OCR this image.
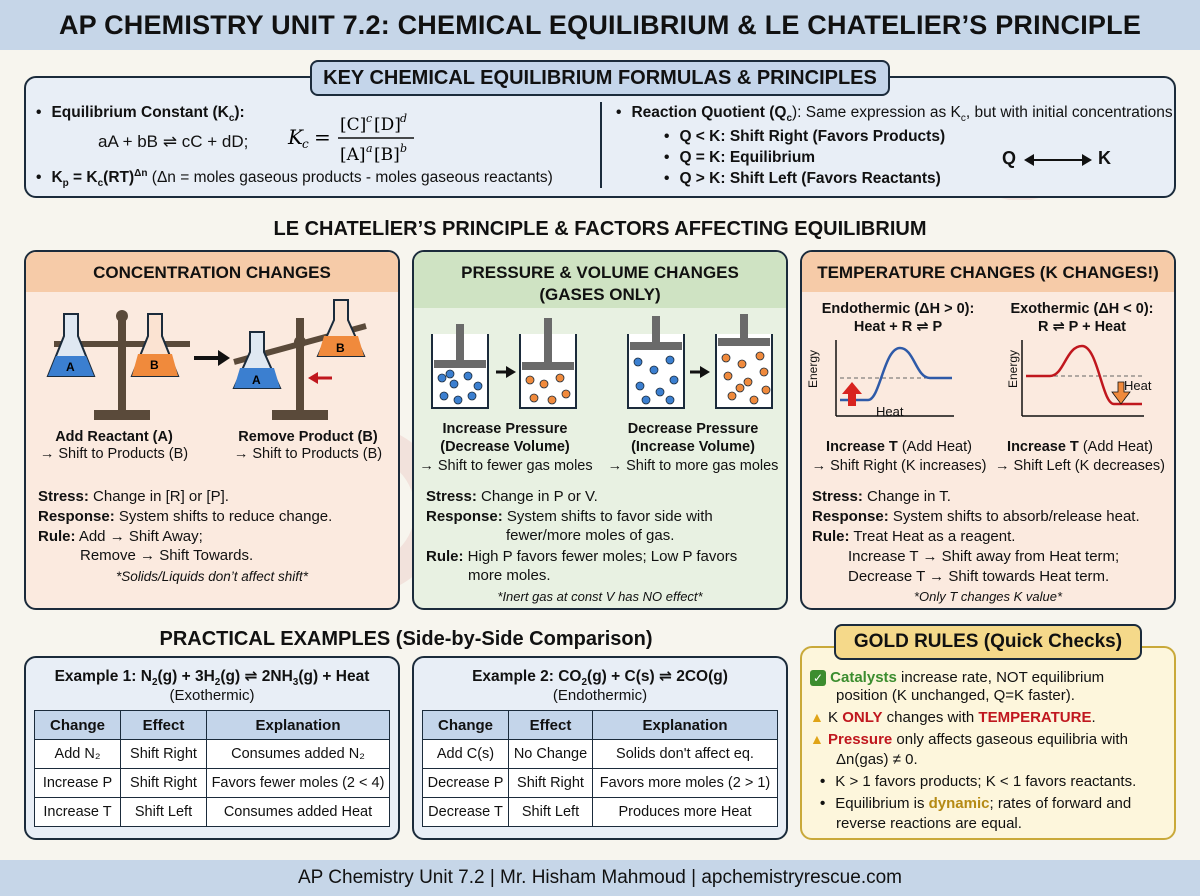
AP CHEMISTRY UNIT 7.2: CHEMICAL EQUILIBRIUM & LE CHATELIER’S PRINCIPLE
KEY CHEMICAL EQUILIBRIUM FORMULAS & PRINCIPLES
• Equilibrium Constant $(K_c)$:
aA + bB ⇌ cC + dD; K c = [C] c [D] d
[A] a [B] b
• $K_p = K_c(RT)^{\Delta n}$ (Δn = moles gaseous products - moles gaseous reactants)
• Reaction Quotient $(Q_c)$: Same expression as $K_c$, but with initial concentrations
• Q < K: Shift Right (Favors Products)
• Q = K: Equilibrium
• Q > K: Shift Left (Favors Reactants)
Q	K
LE CHATELlER’S PRINCIPLE & FACTORS AFFECTING EQUILIBRIUM
CONCENTRATION CHANGES
A	B
A
B
Add Reactant (A)
→ Shift to Products (B)
Remove Product (B)
→ Shift to Products (B)
Stress: Change in [R] or [P].
Response: System shifts to reduce change.
Rule: Add → Shift Away;
Remove → Shift Towards.
*Solids/Liquids don’t affect shift*
PRESSURE & VOLUME CHANGES
(GASES ONLY)
Increase Pressure
(Decrease Volume)
→ Shift to fewer gas moles
Decrease Pressure
(Increase Volume)
→ Shift to more gas moles
Stress: Change in P or V.
Response: System shifts to favor side with
fewer/more moles of gas.
Rule: High P favors fewer moles; Low P favors
more moles.
*Inert gas at const V has NO effect*
TEMPERATURE CHANGES (K CHANGES!)
Endothermic (ΔH > 0):
Heat + R ⇌ P
Exothermic (ΔH < 0):
R ⇌ P + Heat
Energy
Heat
Energy	Heat
Increase T (Add Heat)
→ Shift Right (K increases)
Increase T (Add Heat)
→ Shift Left (K decreases)
Stress: Change in T.
Response: System shifts to absorb/release heat.
Rule: Treat Heat as a reagent.
Increase T → Shift away from Heat term;
Decrease T → Shift towards Heat term.
*Only T changes K value*
PRACTICAL EXAMPLES (Side-by-Side Comparison)
Example 1: $N_2(g) + 3H_2(g)$ ⇌ $2NH_3(g)$ + Heat
(Exothermic)
Change	Effect	Explanation
Add N₂	Shift Right	Consumes added N₂
Increase P	Shift Right	Favors fewer moles (2 < 4)
Increase T	Shift Left	Consumes added Heat
Example 2: $CO_2(g) + C(s)$ ⇌ 2CO(g)
(Endothermic)
Change	Effect	Explanation
Add C(s)	No Change	Solids don't affect eq.
Decrease P	Shift Right	Favors more moles (2 > 1)
Decrease T	Shift Left	Produces more Heat
GOLD RULES (Quick Checks)
✓ Catalysts increase rate, NOT equilibrium
position (K unchanged, Q=K faster).
▲ K ONLY changes with TEMPERATURE.
▲ Pressure only affects gaseous equilibria with
Δn(gas) ≠ 0.
• K > 1 favors products; K < 1 favors reactants.
• Equilibrium is dynamic; rates of forward and
reverse reactions are equal.
AP Chemistry Unit 7.2 | Mr. Hisham Mahmoud | apchemistryrescue.com
